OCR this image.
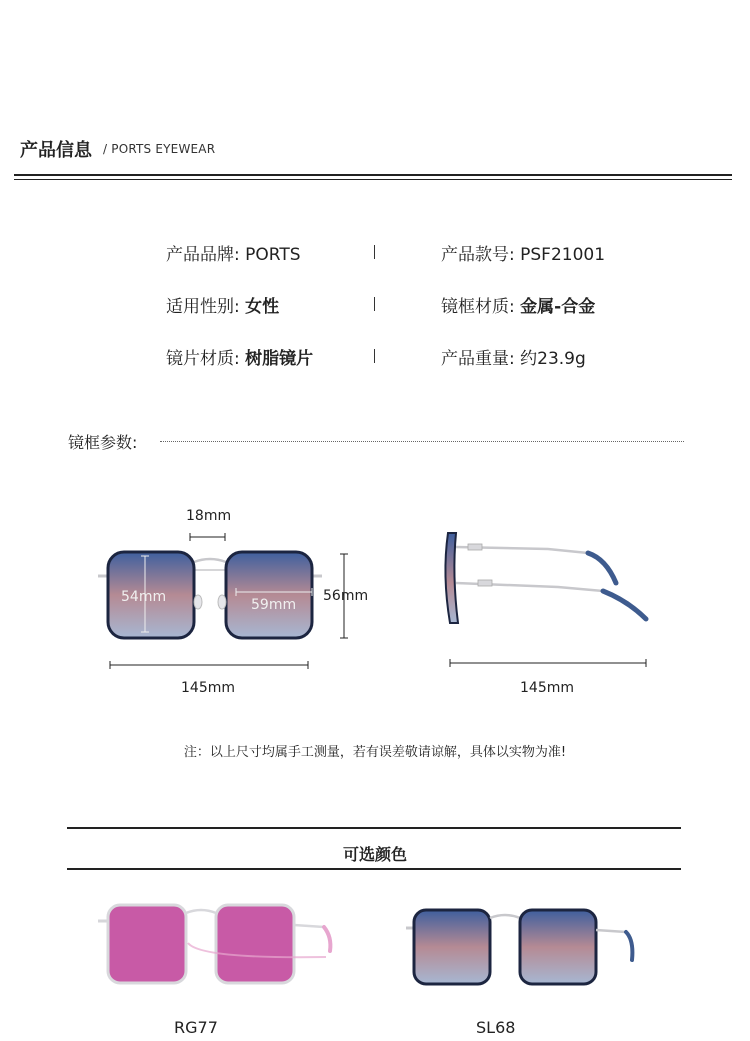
产品信息 / PORTS EYEWEAR
产品品牌: PORTS	产品款号: PSF21001
适用性别: 女性	镜框材质: 金属-合金
镜片材质: 树脂镜片	产品重量: 约23.9g
镜框参数:
18mm
54mm	59mm
56mm
145mm	145mm
注：以上尺寸均属手工测量，若有误差敬请谅解，具体以实物为准!
可选颜色
RG77	SL68
